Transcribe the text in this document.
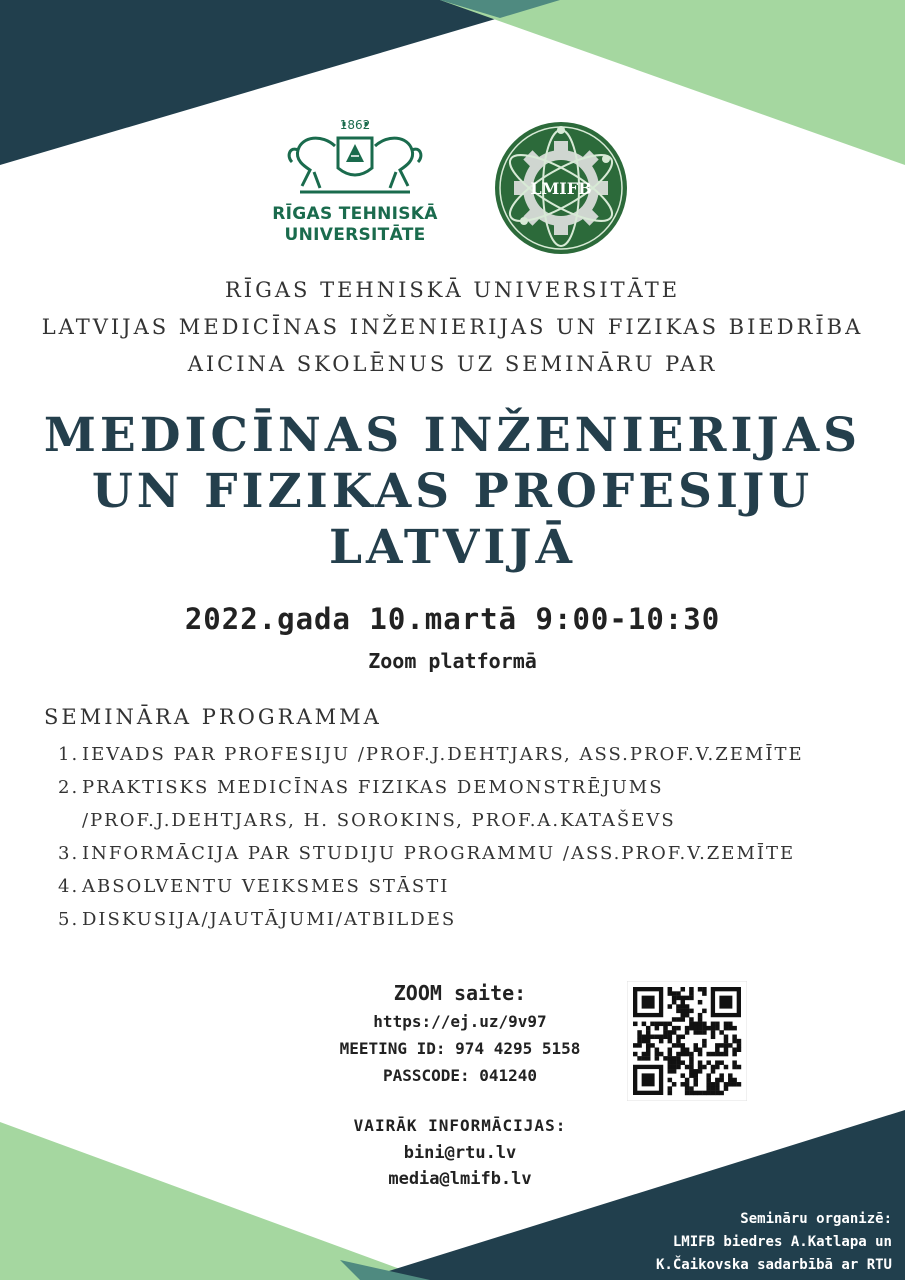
1862
RĪGAS TEHNISKĀ
UNIVERSITĀTE
LMIFB
RĪGAS TEHNISKĀ UNIVERSITĀTE
LATVIJAS MEDICĪNAS INŽENIERIJAS UN FIZIKAS BIEDRĪBA
AICINA SKOLĒNUS UZ SEMINĀRU PAR
MEDICĪNAS INŽENIERIJAS
UN FIZIKAS PROFESIJU
LATVIJĀ
2022.gada 10.martā 9:00-10:30
Zoom platformā
SEMINĀRA PROGRAMMA
1. IEVADS PAR PROFESIJU /PROF.J.DEHTJARS, ASS.PROF.V.ZEMĪTE
2. PRAKTISKS MEDICĪNAS FIZIKAS DEMONSTRĒJUMS /PROF.J.DEHTJARS, H. SOROKINS, PROF.A.KATAŠEVS
3. INFORMĀCIJA PAR STUDIJU PROGRAMMU /ASS.PROF.V.ZEMĪTE
4. ABSOLVENTU VEIKSMES STĀSTI
5. DISKUSIJA/JAUTĀJUMI/ATBILDES
ZOOM saite:
https://ej.uz/9v97
MEETING ID: 974 4295 5158
PASSCODE: 041240
VAIRĀK INFORMĀCIJAS:
bini@rtu.lv
media@lmifb.lv
Semināru organizē:
LMIFB biedres A.Katlapa un
K.Čaikovska sadarbībā ar RTU
